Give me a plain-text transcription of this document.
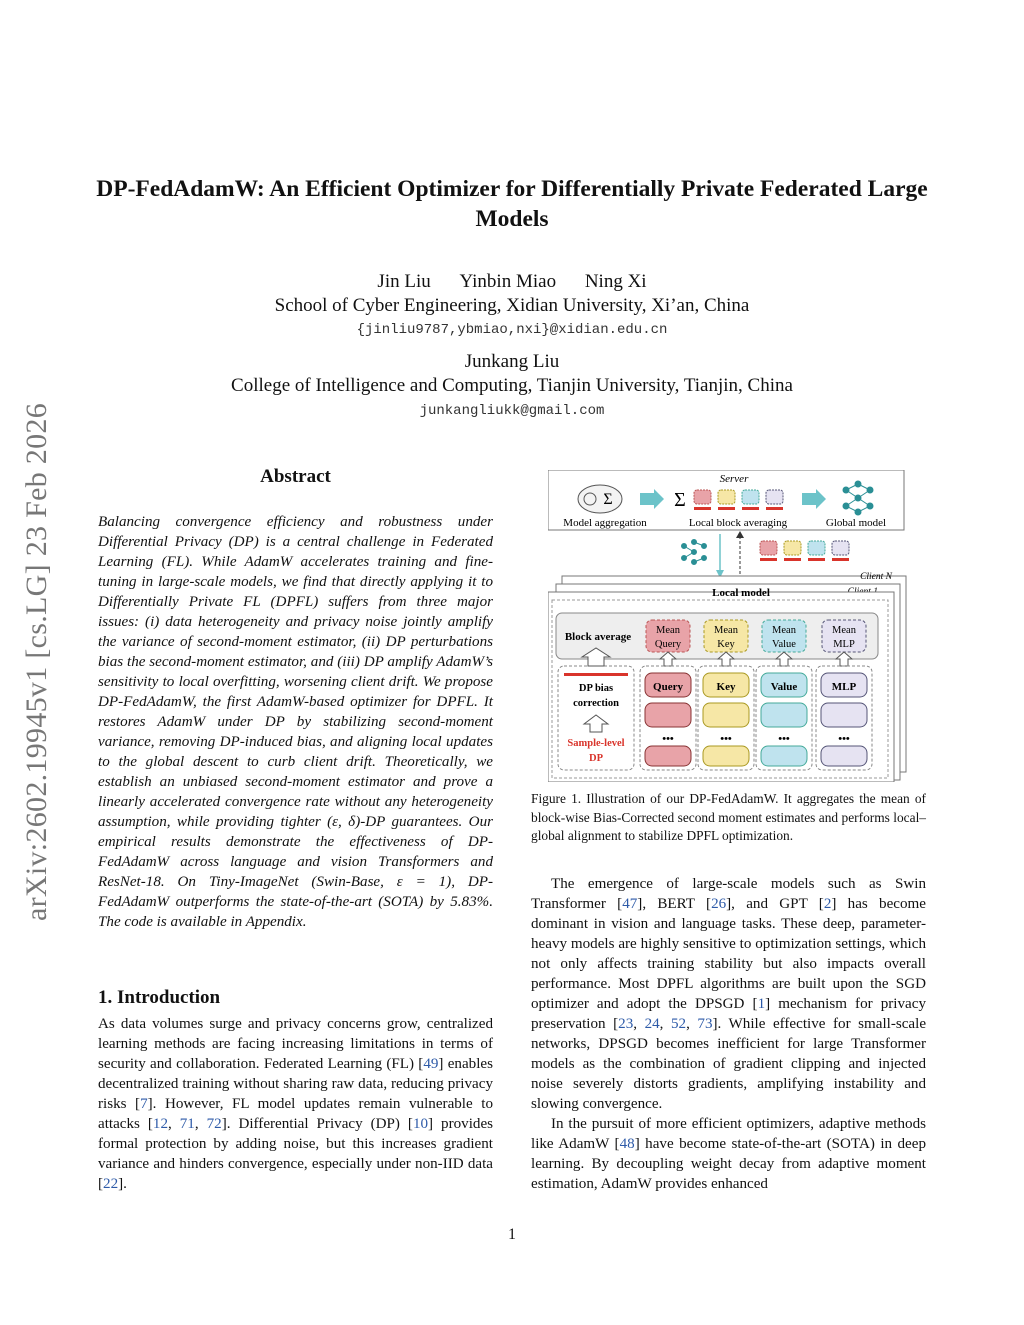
arXiv:2602.19945v1 [cs.LG] 23 Feb 2026
DP-FedAdamW: An Efficient Optimizer for Differentially Private Federated Large Models
Jin Liu Yinbin Miao Ning Xi
School of Cyber Engineering, Xidian University, Xi’an, China
{jinliu9787,ybmiao,nxi}@xidian.edu.cn
Junkang Liu
College of Intelligence and Computing, Tianjin University, Tianjin, China
junkangliukk@gmail.com
Abstract
Balancing convergence efficiency and robustness under Differential Privacy (DP) is a central challenge in Federated Learning (FL). While AdamW accelerates training and fine-tuning in large-scale models, we find that directly applying it to Differentially Private FL (DPFL) suffers from three major issues: (i) data heterogeneity and privacy noise jointly amplify the variance of second-moment estimator, (ii) DP perturbations bias the second-moment estimator, and (iii) DP amplify AdamW’s sensitivity to local overfitting, worsening client drift. We propose DP-FedAdamW, the first AdamW-based optimizer for DPFL. It restores AdamW under DP by stabilizing second-moment variance, removing DP-induced bias, and aligning local updates to the global descent to curb client drift. Theoretically, we establish an unbiased second-moment estimator and prove a linearly accelerated convergence rate without any heterogeneity assumption, while providing tighter (ε, δ)-DP guarantees. Our empirical results demonstrate the effectiveness of DP-FedAdamW across language and vision Transformers and ResNet-18. On Tiny-ImageNet (Swin-Base, ε = 1), DP-FedAdamW outperforms the state-of-the-art (SOTA) by 5.83%. The code is available in Appendix.
1. Introduction
As data volumes surge and privacy concerns grow, centralized learning methods are facing increasing limitations in terms of security and collaboration. Federated Learning (FL) [49] enables decentralized training without sharing raw data, reducing privacy risks [7]. However, FL model updates remain vulnerable to attacks [12, 71, 72]. Differential Privacy (DP) [10] provides formal protection by adding noise, but this increases gradient variance and hinders convergence, especially under non-IID data [22].
Server
Σ
Model aggregation
Σ
Local block averaging	Global model
Client N
Local model
Block average
Mean
Query
Mean
Key
Mean
Value
Mean
MLP
DP bias
correction
Sample-level
DP
Query
•••
Key
•••
Value
•••
MLP
•••
Figure 1. Illustration of our DP-FedAdamW. It aggregates the mean of block-wise Bias-Corrected second moment estimates and performs local–global alignment to stabilize DPFL optimization.

The emergence of large-scale models such as Swin Transformer [47], BERT [26], and GPT [2] has become dominant in vision and language tasks. These deep, parameter-heavy models are highly sensitive to optimization settings, which not only affects training stability but also impacts overall performance. Most DPFL algorithms are built upon the SGD optimizer and adopt the DPSGD [1] mechanism for privacy preservation [23, 24, 52, 73]. While effective for small-scale networks, DPSGD becomes inefficient for large Transformer models as the combination of gradient clipping and injected noise severely distorts gradients, amplifying instability and slowing convergence.

In the pursuit of more efficient optimizers, adaptive methods like AdamW [48] have become state-of-the-art (SOTA) in deep learning. By decoupling weight decay from adaptive moment estimation, AdamW provides enhanced

1
